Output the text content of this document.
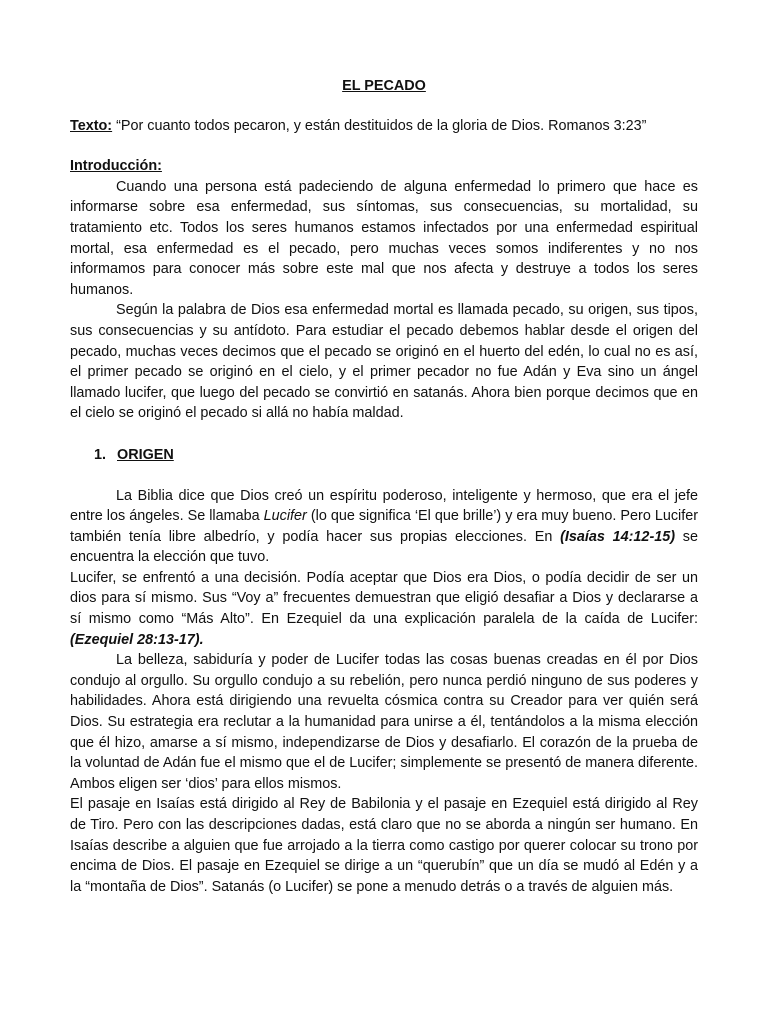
EL PECADO
Texto: “Por cuanto todos pecaron, y están destituidos de la gloria de Dios. Romanos 3:23”
Introducción:

Cuando una persona está padeciendo de alguna enfermedad lo primero que hace es informarse sobre esa enfermedad, sus síntomas, sus consecuencias, su mortalidad, su tratamiento etc. Todos los seres humanos estamos infectados por una enfermedad espiritual mortal, esa enfermedad es el pecado, pero muchas veces somos indiferentes y no nos informamos para conocer más sobre este mal que nos afecta y destruye a todos los seres humanos.

Según la palabra de Dios esa enfermedad mortal es llamada pecado, su origen, sus tipos, sus consecuencias y su antídoto. Para estudiar el pecado debemos hablar desde el origen del pecado, muchas veces decimos que el pecado se originó en el huerto del edén, lo cual no es así, el primer pecado se originó en el cielo, y el primer pecador no fue Adán y Eva sino un ángel llamado lucifer, que luego del pecado se convirtió en satanás. Ahora bien porque decimos que en el cielo se originó el pecado si allá no había maldad.

1. ORIGEN

La Biblia dice que Dios creó un espíritu poderoso, inteligente y hermoso, que era el jefe entre los ángeles. Se llamaba Lucifer (lo que significa ‘El que brille’) y era muy bueno. Pero Lucifer también tenía libre albedrío, y podía hacer sus propias elecciones. En (Isaías 14:12-15) se encuentra la elección que tuvo.

Lucifer, se enfrentó a una decisión. Podía aceptar que Dios era Dios, o podía decidir de ser un dios para sí mismo. Sus “Voy a” frecuentes demuestran que eligió desafiar a Dios y declararse a sí mismo como “Más Alto”. En Ezequiel da una explicación paralela de la caída de Lucifer: (Ezequiel 28:13-17).

La belleza, sabiduría y poder de Lucifer todas las cosas buenas creadas en él por Dios condujo al orgullo. Su orgullo condujo a su rebelión, pero nunca perdió ninguno de sus poderes y habilidades. Ahora está dirigiendo una revuelta cósmica contra su Creador para ver quién será Dios. Su estrategia era reclutar a la humanidad para unirse a él, tentándolos a la misma elección que él hizo, amarse a sí mismo, independizarse de Dios y desafiarlo. El corazón de la prueba de la voluntad de Adán fue el mismo que el de Lucifer; simplemente se presentó de manera diferente. Ambos eligen ser ‘dios’ para ellos mismos.

El pasaje en Isaías está dirigido al Rey de Babilonia y el pasaje en Ezequiel está dirigido al Rey de Tiro. Pero con las descripciones dadas, está claro que no se aborda a ningún ser humano. En Isaías describe a alguien que fue arrojado a la tierra como castigo por querer colocar su trono por encima de Dios. El pasaje en Ezequiel se dirige a un “querubín” que un día se mudó al Edén y a la “montaña de Dios”. Satanás (o Lucifer) se pone a menudo detrás o a través de alguien más.
